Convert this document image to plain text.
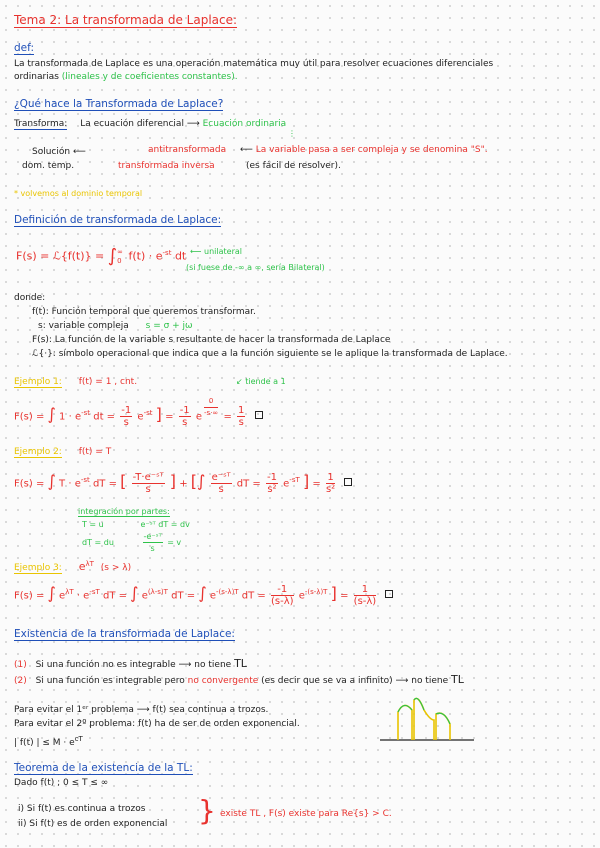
Tema 2: La transformada de Laplace:
def:
La transformada de Laplace es una operación matemática muy útil para resolver ecuaciones diferenciales
ordinarias (lineales y de coeficientes constantes).
¿Qué hace la Transformada de Laplace?
Transforma: La ecuación diferencial ⟶ Ecuación ordinaria
⋮
Solución ⟶	antitransformada ⟶ La variable pasa a ser compleja y se denomina "S".
dom. temp.	transformada inversa	(es fácil de resolver).
* volvemos al dominio temporal
Definición de transformada de Laplace:
F(s) = ℒ{f(t)} = ∫ ∞
0 $f(t) \cdot e^{-st}$ dt ⟵ unilateral
(si fuese de -∞ a ∞, sería Bilateral)
donde:
f(t): Función temporal que queremos transformar.
s: variable compleja s = σ + jω
F(s): La función de la variable s resultante de hacer la transformada de Laplace
ℒ{·}: símbolo operacional que indica que a la función siguiente se le aplique la transformada de Laplace.
Ejemplo 1: f(t) = 1 , cnt.	↙ tiende a 1
F(s) = ∫ $1 \cdot e^{-st}$ dt = $\frac{-1}{s} e^{-st}$ ] = $\frac{-1}{s}$ e $\frac{0}{-s\cdot\infty} = \frac{1}{s}$

Ejemplo 2: f(t) = T
F(s) = ∫ $T \cdot e^{-st}$ dT = [ $\frac{\text{-T·e⁻ˢᵀ}}{s}$ ] + [∫ $\frac{\text{e⁻ˢᵀ}}{s}$ dT = $\frac{-1}{\text{s²}} e^{-sT}$ ] = $\frac{1}{\text{s²}}$

integración por partes:
T = u	e⁻ˢᵀ dT = dv
dT = du	$\frac{\text{-e⁻ˢᵀ}}{s} = v$
Ejemplo 3: $e^{\lambda T}$ (s > λ)
F(s) = ∫ $e^{\lambda T} \cdot e^{-sT}$ dT = ∫ $e^{(\lambda-s)T}$ dT = ∫ $e^{-(s-\lambda)T}$ dT = $\frac{-1}{(s-\lambda)} e^{-(s-\lambda)T}$ ] = $\frac{1}{(s-\lambda)}$

Existencia de la transformada de Laplace:
(1) Si una función no es integrable ⟶ no tiene TL
(2) Si una función es integrable pero no convergente (es decir que se va a infinito) ⟶ no tiene TL
Para evitar el 1ᵉʳ problema ⟶ f(t) sea continua a trozos.
Para evitar el 2º problema: f(t) ha de ser de orden exponencial.
| f(t) | ≤ $M \cdot e^{cT}$
Teorema de la existencia de la TL:
Dado f(t) ; 0 ≤ T ≤ ∞
i) Si f(t) es continua a trozos
ii) Si f(t) es de orden exponencial } existe TL , F(s) existe para Re{s} > C.
